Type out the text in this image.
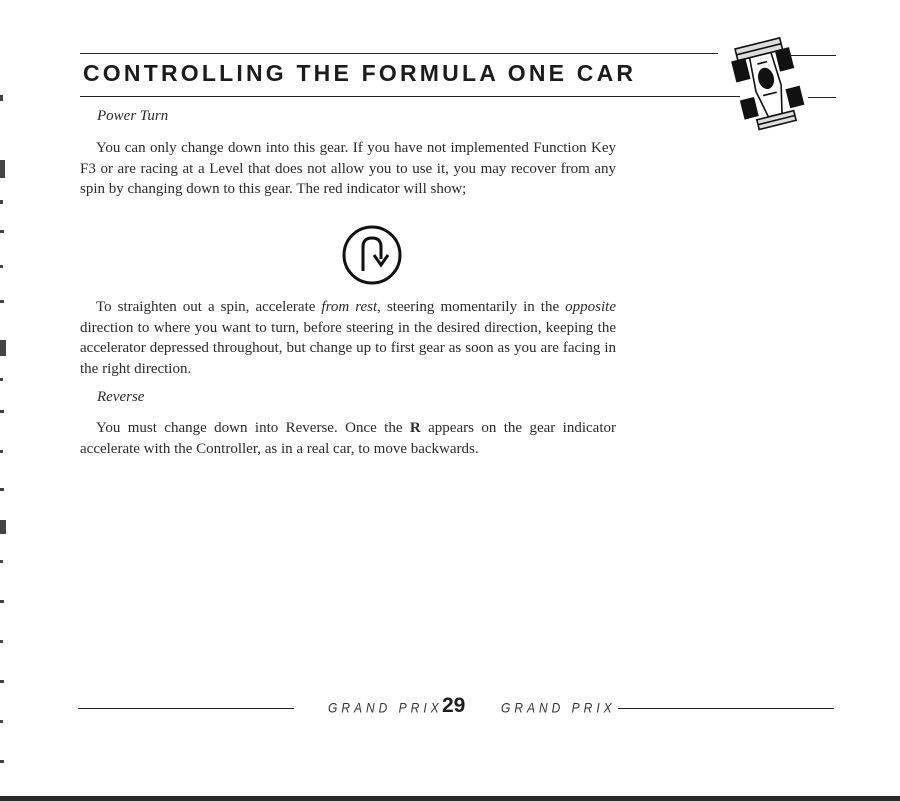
CONTROLLING THE FORMULA ONE CAR
Power Turn

You can only change down into this gear. If you have not implemented Function Key F3 or are racing at a Level that does not allow you to use it, you may recover from any spin by changing down to this gear. The red indicator will show;

To straighten out a spin, accelerate from rest, steering momentarily in the opposite direction to where you want to turn, before steering in the desired direction, keeping the accelerator depressed throughout, but change up to first gear as soon as you are facing in the right direction.

Reverse

You must change down into Reverse. Once the R appears on the gear indicator accelerate with the Controller, as in a real car, to move backwards.

GRAND PRIX 29	GRAND PRIX
